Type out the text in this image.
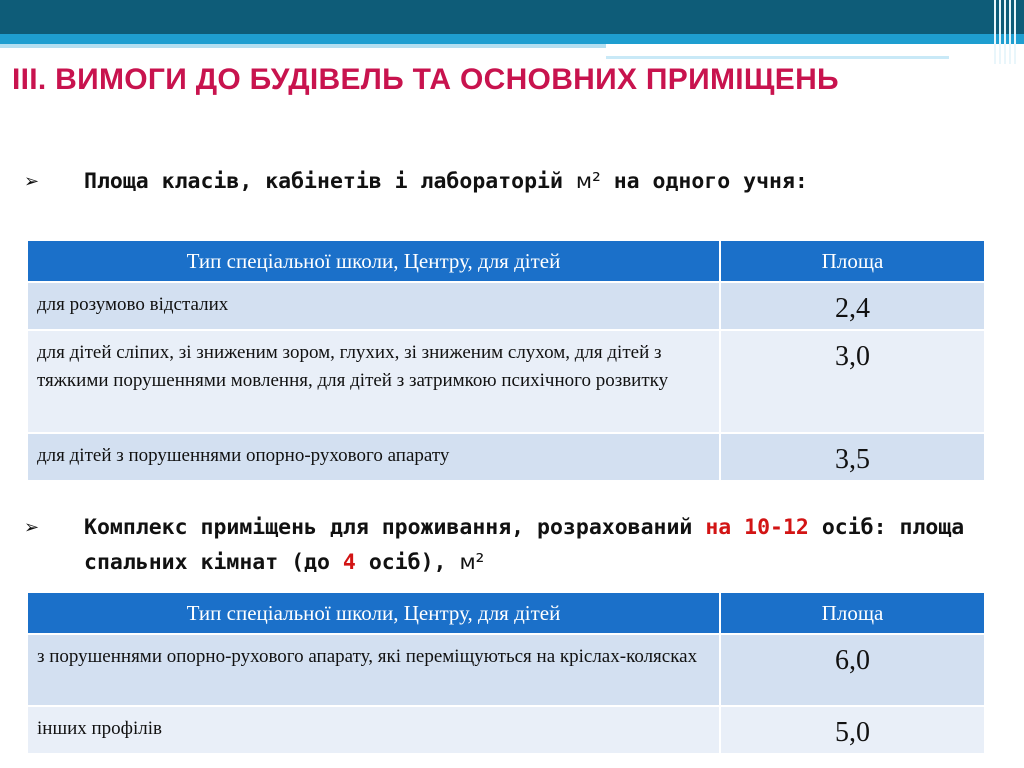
ІІІ. ВИМОГИ ДО БУДІВЕЛЬ ТА ОСНОВНИХ ПРИМІЩЕНЬ
➢ Площа класів, кабінетів і лабораторій м² на одного учня:
Тип спеціальної школи, Центру, для дітей	Площа
для розумово відсталих	2,4
для дітей сліпих, зі зниженим зором, глухих, зі зниженим слухом, для дітей з тяжкими порушеннями мовлення, для дітей з затримкою психічного розвитку	3,0
для дітей з порушеннями опорно-рухового апарату	3,5
➢ Комплекс приміщень для проживання, розрахований на 10-12 осіб: площа спальних кімнат (до 4 осіб), м²
Тип спеціальної школи, Центру, для дітей	Площа
з порушеннями опорно-рухового апарату, які переміщуються на кріслах-колясках	6,0
інших профілів	5,0
